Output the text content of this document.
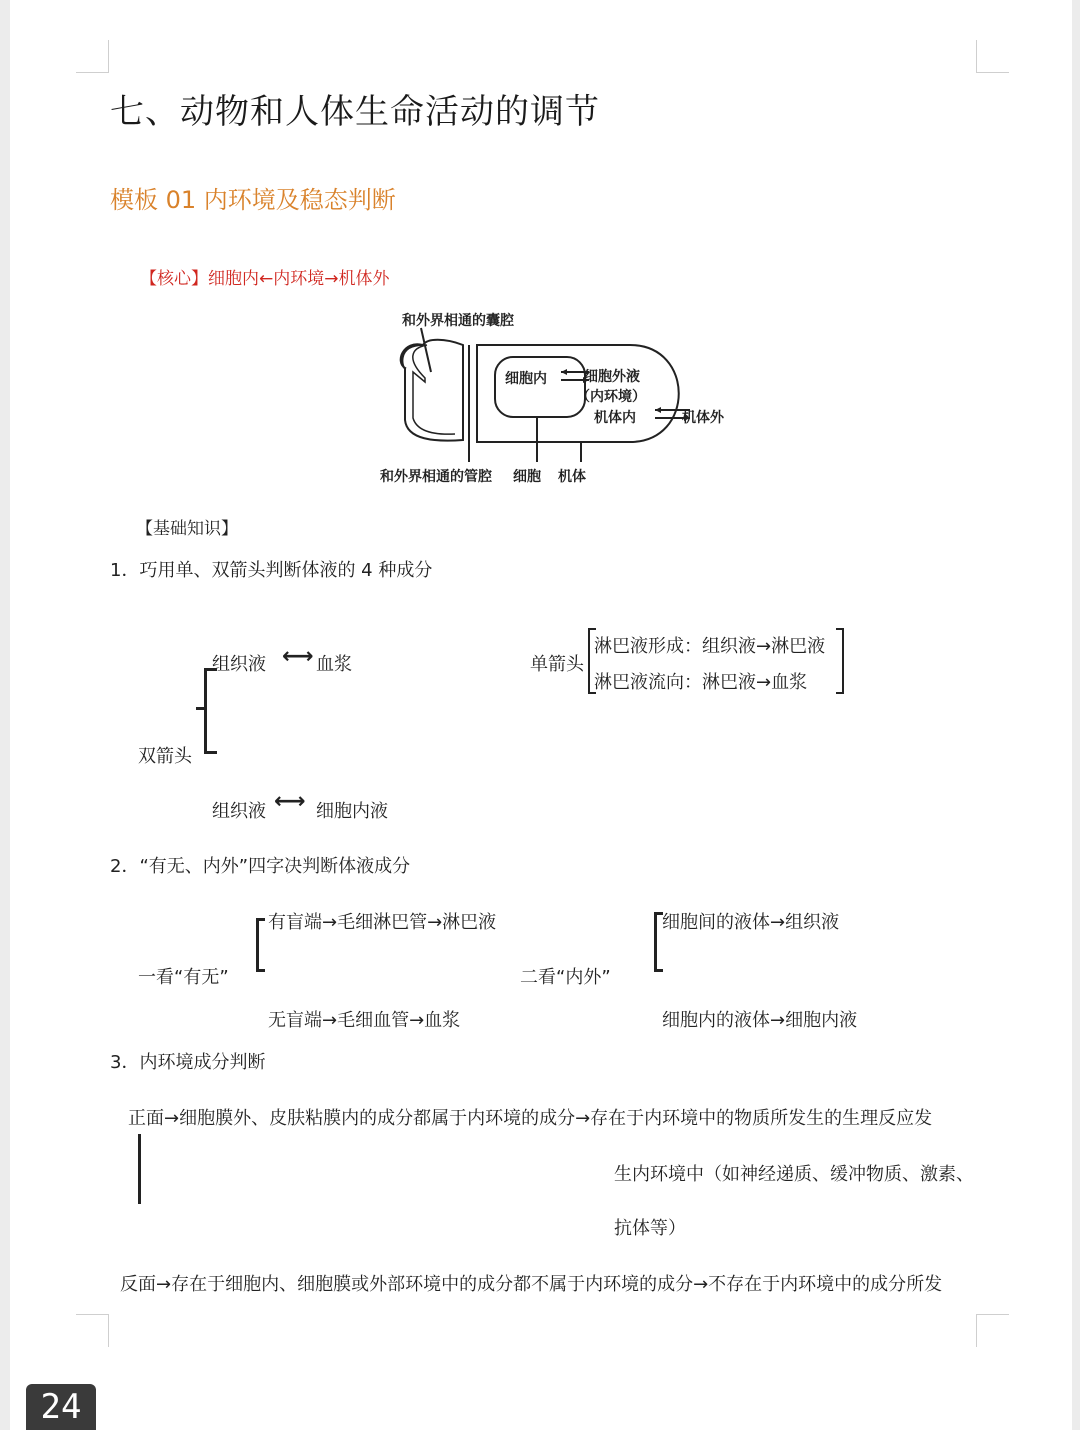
七、动物和人体生命活动的调节
模板 01 内环境及稳态判断
【核心】细胞内←内环境→机体外
和外界相通的囊腔
细胞内	细胞外液
（内环境）
机体内	机体外
和外界相通的管腔 细胞 机体
【基础知识】
1．巧用单、双箭头判断体液的 4 种成分
组织液 ⟷ 血浆
双箭头
组织液 ⟷ 细胞内液
单箭头
淋巴液形成：组织液→淋巴液
淋巴液流向：淋巴液→血浆
2．“有无、内外”四字决判断体液成分
有盲端→毛细淋巴管→淋巴液
一看“有无”
无盲端→毛细血管→血浆
细胞间的液体→组织液
二看“内外”
细胞内的液体→细胞内液
3．内环境成分判断
正面→细胞膜外、皮肤粘膜内的成分都属于内环境的成分→存在于内环境中的物质所发生的生理反应发
生内环境中（如神经递质、缓冲物质、激素、
抗体等）
反面→存在于细胞内、细胞膜或外部环境中的成分都不属于内环境的成分→不存在于内环境中的成分所发
24
